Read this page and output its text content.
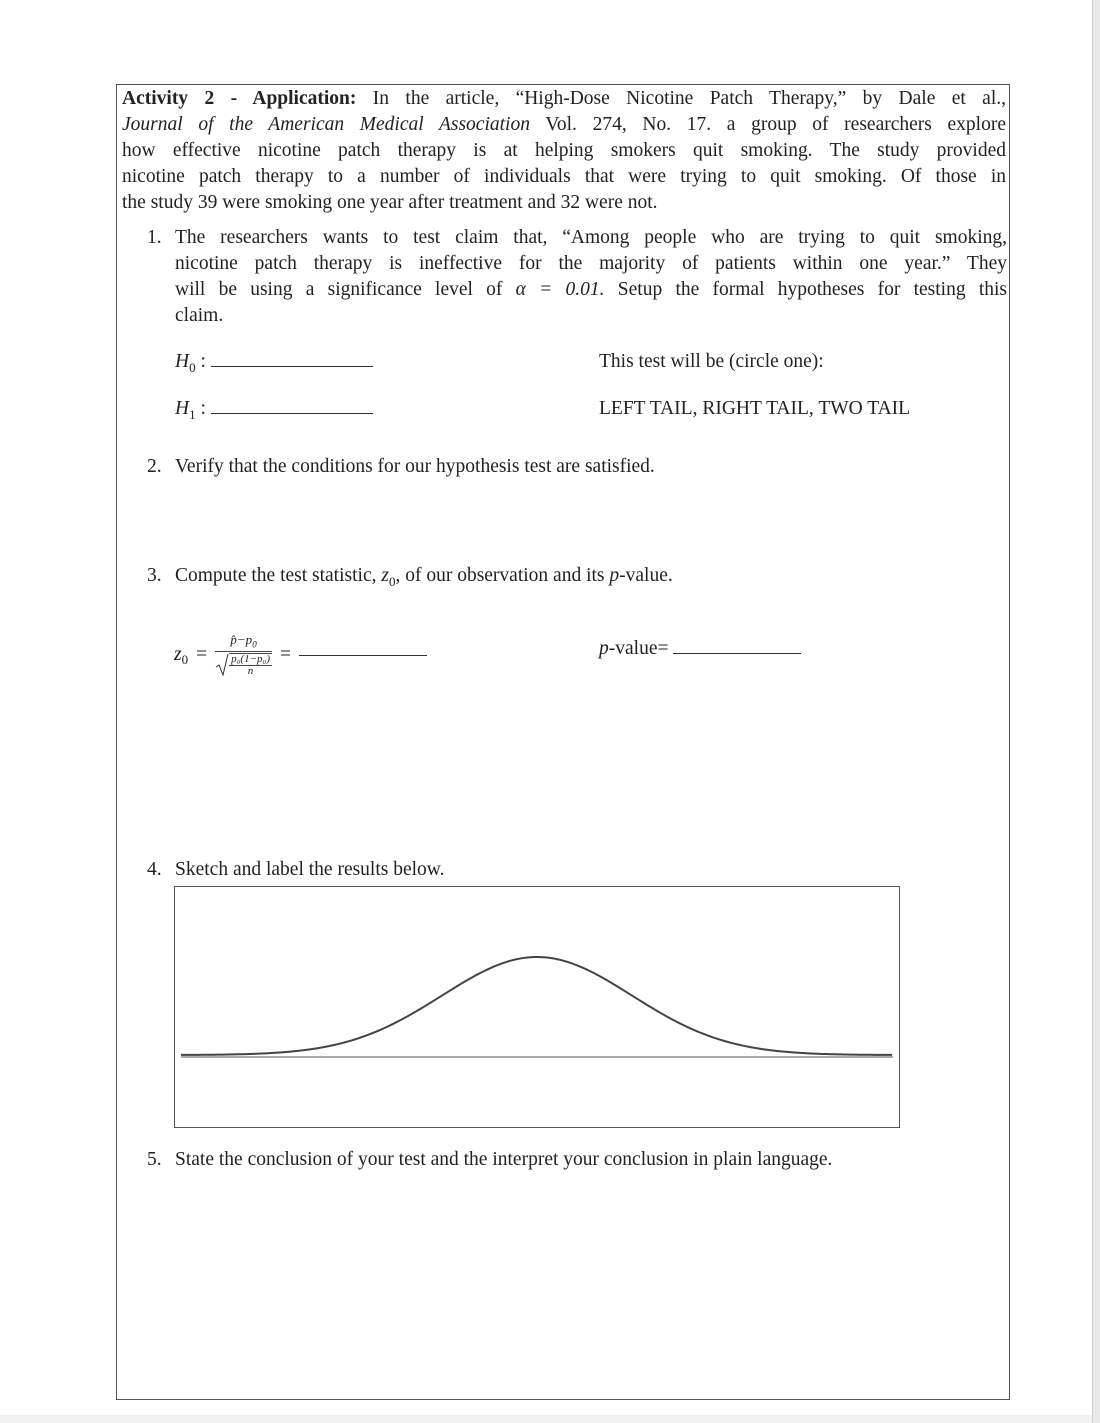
Activity 2 - Application: In the article, “High-Dose Nicotine Patch Therapy,” by Dale et al.,
Journal of the American Medical Association Vol. 274, No. 17. a group of researchers explore
how effective nicotine patch therapy is at helping smokers quit smoking. The study provided
nicotine patch therapy to a number of individuals that were trying to quit smoking. Of those in
the study 39 were smoking one year after treatment and 32 were not.
1. The researchers wants to test claim that, “Among people who are trying to quit smoking,
nicotine patch therapy is ineffective for the majority of patients within one year.” They
will be using a significance level of α = 0.01. Setup the formal hypotheses for testing this
claim.
$H_0$ :
$H_1$ :
This test will be (circle one):
LEFT TAIL, RIGHT TAIL, TWO TAIL
2. Verify that the conditions for our hypothesis test are satisfied.
3. Compute the test statistic, $z_0$, of our observation and its p-value.
$z_0$ = $p̂-p_0$
p₀(1−p₀)
n =	p-value=
4. Sketch and label the results below.
5. State the conclusion of your test and the interpret your conclusion in plain language.
